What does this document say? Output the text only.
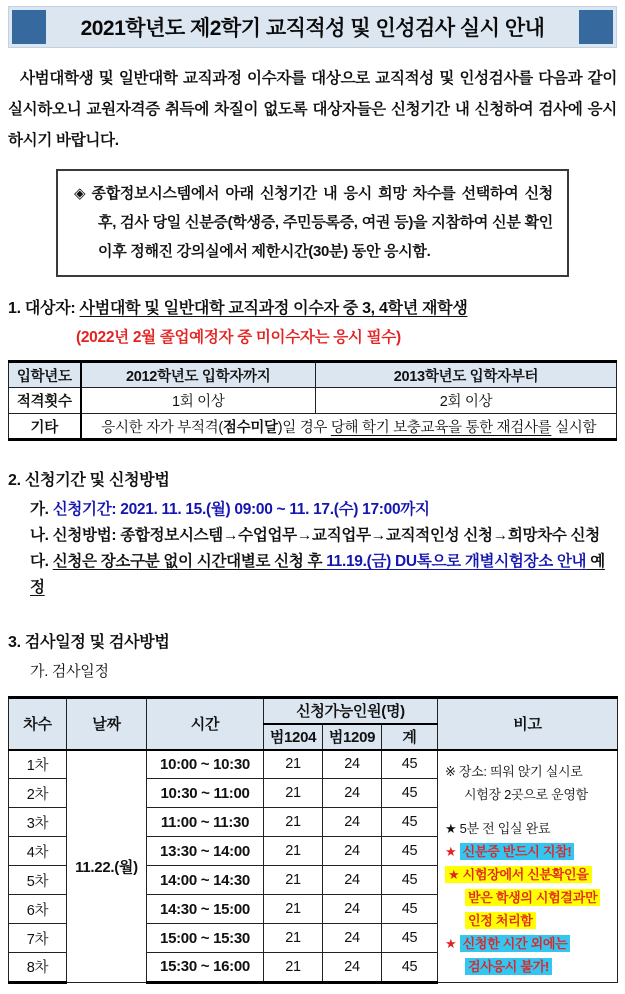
2021학년도 제2학기 교직적성 및 인성검사 실시 안내

사범대학생 및 일반대학 교직과정 이수자를 대상으로 교직적성 및 인성검사를 다음과 같이 실시하오니 교원자격증 취득에 차질이 없도록 대상자들은 신청기간 내 신청하여 검사에 응시하시기 바랍니다.

◈ 종합정보시스템에서 아래 신청기간 내 응시 희망 차수를 선택하여 신청 후, 검사 당일 신분증(학생증, 주민등록증, 여권 등)을 지참하여 신분 확인 이후 정해진 강의실에서 제한시간(30분) 동안 응시함.

1. 대상자: 사범대학 및 일반대학 교직과정 이수자 중 3, 4학년 재학생

(2022년 2월 졸업예정자 중 미이수자는 응시 필수)

입학년도	2012학년도 입학자까지	2013학년도 입학자부터
적격횟수	1회 이상	2회 이상
기타	응시한 자가 부적격(점수미달)일 경우 당해 학기 보충교육을 통한 재검사를 실시함	

2. 신청기간 및 신청방법

가. 신청기간: 2021. 11. 15.(월) 09:00 ~ 11. 17.(수) 17:00까지

나. 신청방법: 종합정보시스템→수업업무→교직업무→교직적인성 신청→희망차수 신청

다. 신청은 장소구분 없이 시간대별로 신청 후 11.19.(금) DU톡으로 개별시험장소 안내 예정

3. 검사일정 및 검사방법

가. 검사일정

차수	날짜	시간	신청가능인원(명)			비고
			범1204	범1209	계	
1차	11.22.(월)	10:00 ~ 10:30	21	24	45	※ 장소: 띄워 앉기 실시로

시험장 2곳으로 운영함

★ 5분 전 입실 완료

★ 신분증 반드시 지참!

★ 시험장에서 신분확인을

받은 학생의 시험결과만

인정 처리함

★ 신청한 시간 외에는

검사응시 불가!

2차		10:30 ~ 11:00	21	24	45	
3차		11:00 ~ 11:30	21	24	45	
4차		13:30 ~ 14:00	21	24	45	
5차		14:00 ~ 14:30	21	24	45	
6차		14:30 ~ 15:00	21	24	45	
7차		15:00 ~ 15:30	21	24	45	
8차		15:30 ~ 16:00	21	24	45	
